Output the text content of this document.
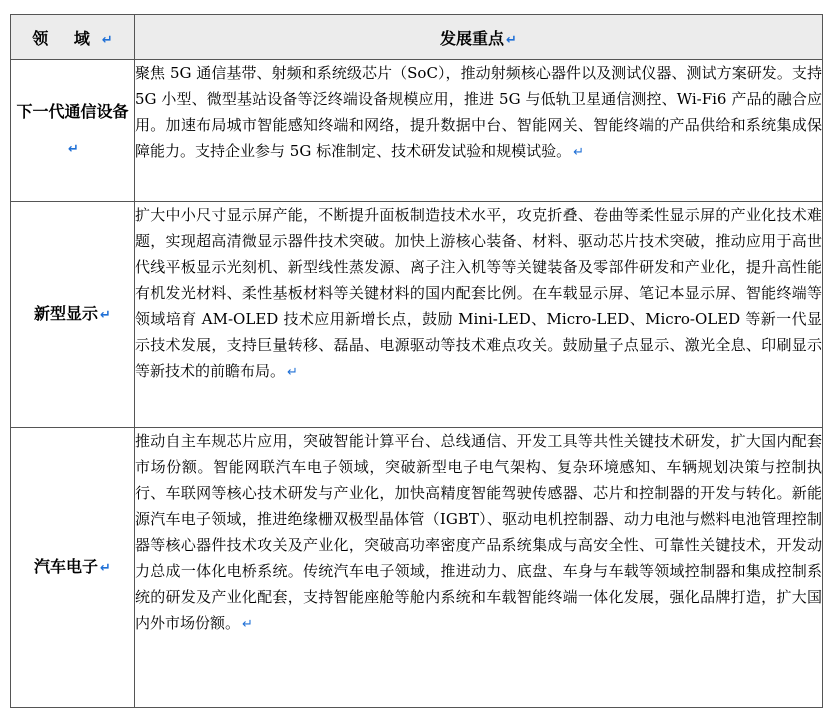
领 域 ↵	发展重点 ↵
下一代通信设备↵	聚焦 5G 通信基带、射频和系统级芯片（SoC），推动射频核心器件以及测试仪器、测试方案研发。支持 5G 小型、微型基站设备等泛终端设备规模应用，推进 5G 与低轨卫星通信测控、Wi-Fi6 产品的融合应用。加速布局城市智能感知终端和网络，提升数据中台、智能网关、智能终端的产品供给和系统集成保障能力。支持企业参与 5G 标准制定、技术研发试验和规模试验。 ↵
新型显示 ↵	扩大中小尺寸显示屏产能，不断提升面板制造技术水平，攻克折叠、卷曲等柔性显示屏的产业化技术难题，实现超高清微显示器件技术突破。加快上游核心装备、材料、驱动芯片技术突破，推动应用于高世代线平板显示光刻机、新型线性蒸发源、离子注入机等等关键装备及零部件研发和产业化，提升高性能有机发光材料、柔性基板材料等关键材料的国内配套比例。在车载显示屏、笔记本显示屏、智能终端等领域培育 AM-OLED 技术应用新增长点，鼓励 Mini-LED、Micro-LED、Micro-OLED 等新一代显示技术发展，支持巨量转移、磊晶、电源驱动等技术难点攻关。鼓励量子点显示、激光全息、印刷显示等新技术的前瞻布局。 ↵
汽车电子 ↵	推动自主车规芯片应用，突破智能计算平台、总线通信、开发工具等共性关键技术研发，扩大国内配套市场份额。智能网联汽车电子领域，突破新型电子电气架构、复杂环境感知、车辆规划决策与控制执行、车联网等核心技术研发与产业化，加快高精度智能驾驶传感器、芯片和控制器的开发与转化。新能源汽车电子领域，推进绝缘栅双极型晶体管（IGBT）、驱动电机控制器、动力电池与燃料电池管理控制器等核心器件技术攻关及产业化，突破高功率密度产品系统集成与高安全性、可靠性关键技术，开发动力总成一体化电桥系统。传统汽车电子领域，推进动力、底盘、车身与车载等领域控制器和集成控制系统的研发及产业化配套，支持智能座舱等舱内系统和车载智能终端一体化发展，强化品牌打造，扩大国内外市场份额。 ↵
